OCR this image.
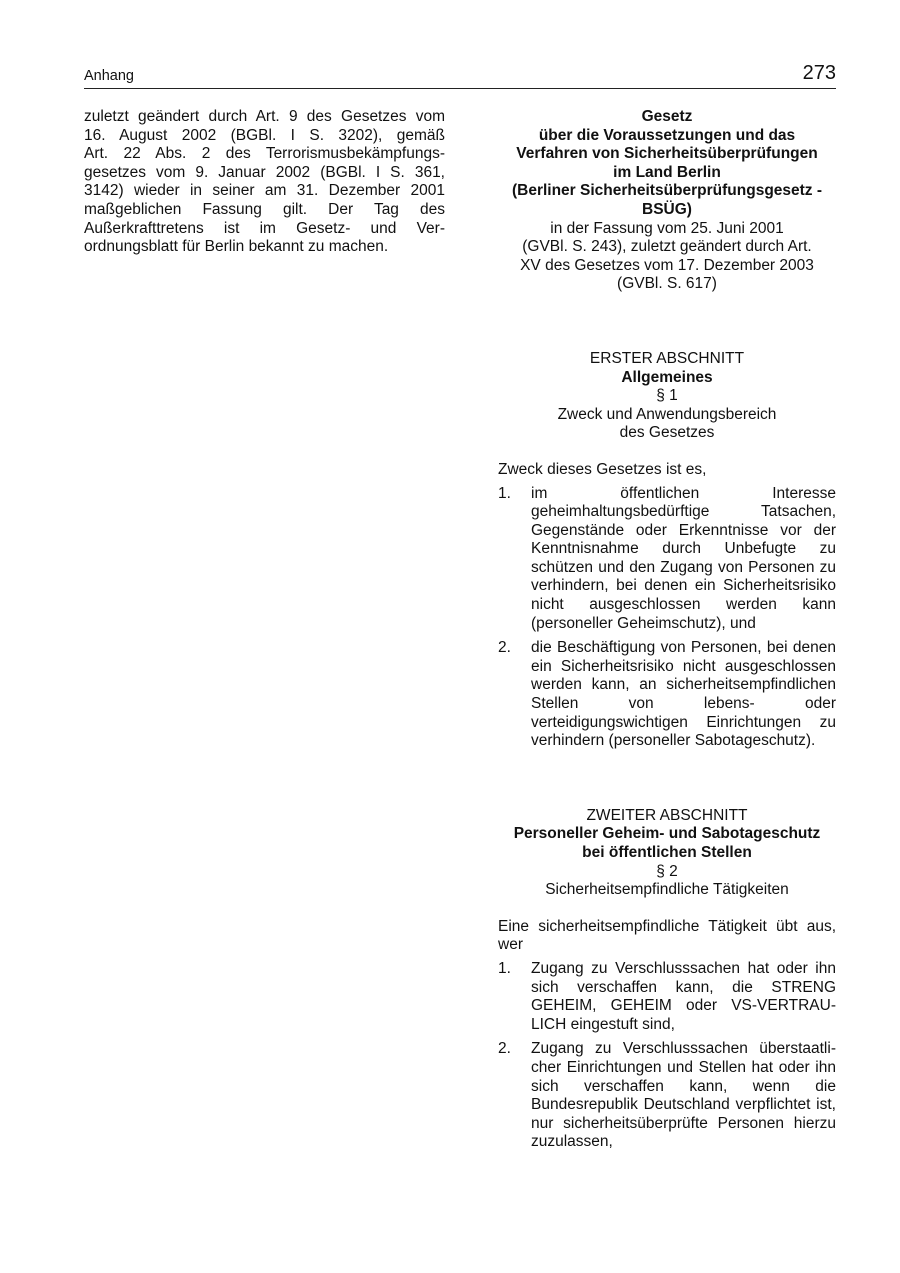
Anhang	273
zuletzt geändert durch Art. 9 des Gesetzes vom
16. August 2002 (BGBl. I S. 3202), gemäß
Art. 22 Abs. 2 des Terrorismusbekämpfungs-
gesetzes vom 9. Januar 2002 (BGBl. I S. 361,
3142) wieder in seiner am 31. Dezember 2001
maßgeblichen Fassung gilt. Der Tag des
Außerkrafttretens ist im Gesetz- und Ver-
ordnungsblatt für Berlin bekannt zu machen.
Gesetz
über die Voraussetzungen und das
Verfahren von Sicherheitsüberprüfungen
im Land Berlin
(Berliner Sicherheitsüberprüfungsgesetz -
BSÜG)
in der Fassung vom 25. Juni 2001
(GVBl. S. 243), zuletzt geändert durch Art.
XV des Gesetzes vom 17. Dezember 2003
(GVBl. S. 617)
ERSTER ABSCHNITT
Allgemeines
§ 1
Zweck und Anwendungsbereich
des Gesetzes
Zweck dieses Gesetzes ist es,
1. im öffentlichen Interesse geheimhaltungsbedürftige Tatsachen, Gegenstände oder Erkenntnisse vor der Kenntnisnahme durch Unbefugte zu schützen und den Zugang von Personen zu verhindern, bei denen ein Sicherheitsrisiko nicht ausgeschlossen werden kann (personeller Geheimschutz), und
2. die Beschäftigung von Personen, bei denen ein Sicherheitsrisiko nicht ausgeschlossen werden kann, an sicherheitsempfindlichen Stellen von lebens- oder verteidigungswichtigen Einrichtungen zu verhindern (personeller Sabotageschutz).
ZWEITER ABSCHNITT
Personeller Geheim- und Sabotageschutz
bei öffentlichen Stellen
§ 2
Sicherheitsempfindliche Tätigkeiten
Eine sicherheitsempfindliche Tätigkeit übt aus, wer
1. Zugang zu Verschlusssachen hat oder ihn sich verschaffen kann, die STRENG GEHEIM, GEHEIM oder VS-VERTRAULICH eingestuft sind,
2. Zugang zu Verschlusssachen überstaatlicher Einrichtungen und Stellen hat oder ihn sich verschaffen kann, wenn die Bundesrepublik Deutschland verpflichtet ist, nur sicherheitsüberprüfte Personen hierzu zuzulassen,
